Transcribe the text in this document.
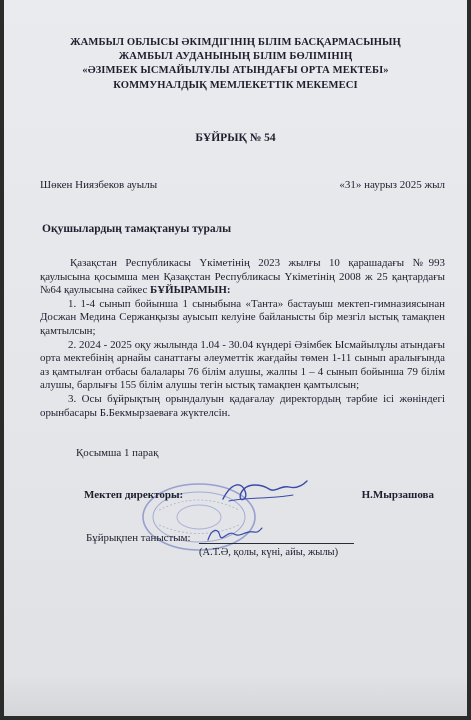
ЖАМБЫЛ ОБЛЫСЫ ӘКІМДІГІНІҢ БІЛІМ БАСҚАРМАСЫНЫҢ
ЖАМБЫЛ АУДАНЫНЫҢ БІЛІМ БӨЛІМІНІҢ
«ӘЗІМБЕК ЫСМАЙЫЛҰЛЫ АТЫНДАҒЫ ОРТА МЕКТЕБІ»
КОММУНАЛДЫҚ МЕМЛЕКЕТТІК МЕКЕМЕСІ
БҰЙРЫҚ № 54
Шөкен Ниязбеков ауылы	«31» наурыз 2025 жыл
Оқушылардың тамақтануы туралы

Қазақстан Республикасы Үкіметінің 2023 жылғы 10 қарашадағы №993 қаулысына қосымша мен Қазақстан Республикасы Үкіметінің 2008 ж 25 қаңтардағы №64 қаулысына сәйкес БҰЙЫРАМЫН:

1. 1-4 сынып бойынша 1 сыныбына «Танта» бастауыш мектеп-гимназиясынан Досжан Медина Сержанқызы ауысып келуіне байланысты бір мезгіл ыстық тамақпен қамтылсын;

2. 2024 - 2025 оқу жылында 1.04 - 30.04 күндері Әзімбек Ысмайылұлы атындағы орта мектебінің арнайы санаттағы әлеуметтік жағдайы төмен 1-11 сынып аралығында аз қамтылған отбасы балалары 76 білім алушы, жалпы 1 – 4 сынып бойынша 79 білім алушы, барлығы 155 білім алушы тегін ыстық тамақпен қамтылсын;

3. Осы бұйрықтың орындалуын қадағалау директордың тәрбие ісі жөніндегі орынбасары Б.Бекмырзаеваға жүктелсін.

Қосымша 1 парақ
Мектеп директоры:	Н.Мырзашова
Бұйрықпен таныстым:
(А.Т.Ә, қолы, күні, айы, жылы)
